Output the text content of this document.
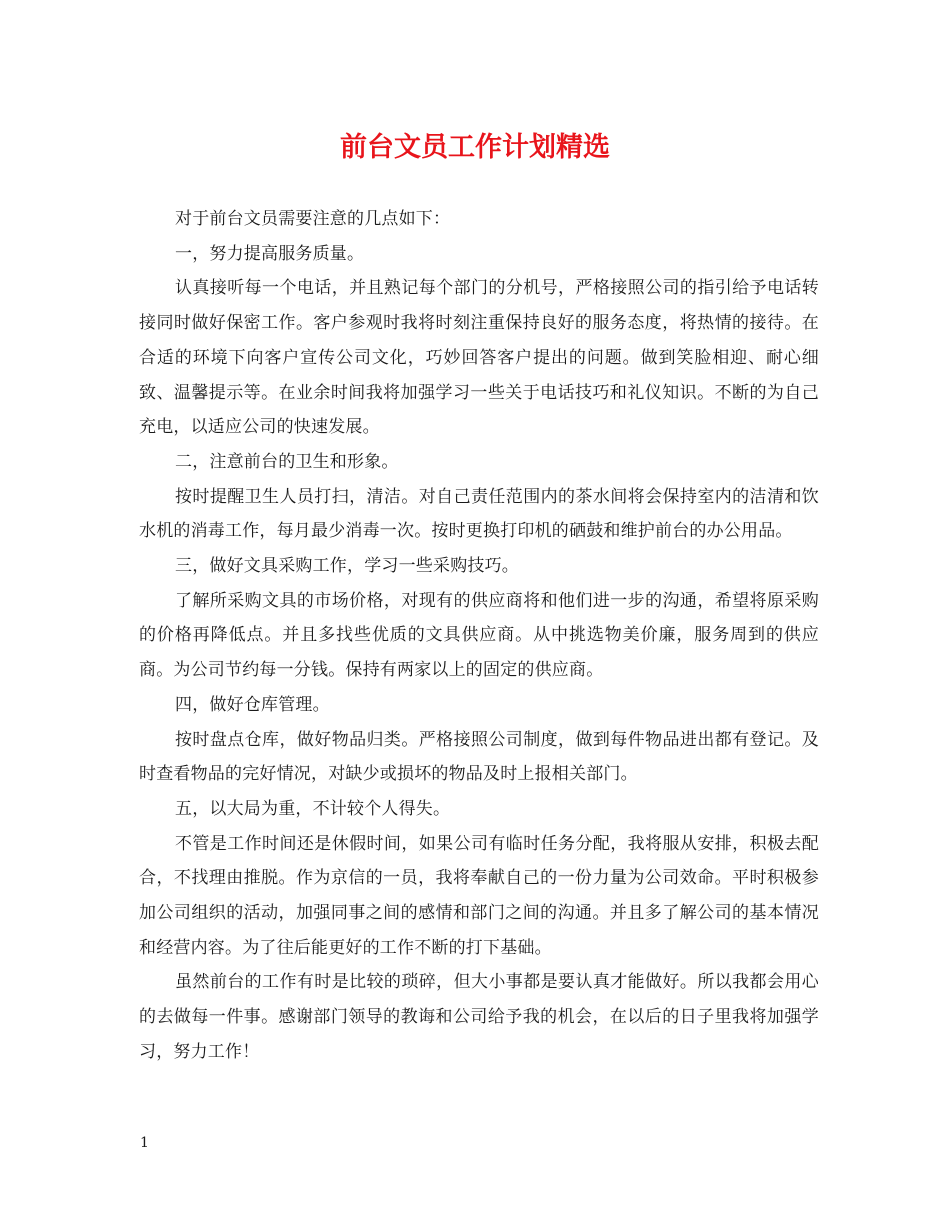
前台文员工作计划精选

对于前台文员需要注意的几点如下：

一，努力提高服务质量。

认真接听每一个电话，并且熟记每个部门的分机号，严格接照公司的指引给予电话转接同时做好保密工作。客户参观时我将时刻注重保持良好的服务态度，将热情的接待。在合适的环境下向客户宣传公司文化，巧妙回答客户提出的问题。做到笑脸相迎、耐心细致、温馨提示等。在业余时间我将加强学习一些关于电话技巧和礼仪知识。不断的为自己充电，以适应公司的快速发展。

二，注意前台的卫生和形象。

按时提醒卫生人员打扫，清洁。对自己责任范围内的茶水间将会保持室内的洁清和饮水机的消毒工作，每月最少消毒一次。按时更换打印机的硒鼓和维护前台的办公用品。

三，做好文具采购工作，学习一些采购技巧。

了解所采购文具的市场价格，对现有的供应商将和他们进一步的沟通，希望将原采购的价格再降低点。并且多找些优质的文具供应商。从中挑选物美价廉，服务周到的供应商。为公司节约每一分钱。保持有两家以上的固定的供应商。

四，做好仓库管理。

按时盘点仓库，做好物品归类。严格接照公司制度，做到每件物品进出都有登记。及时查看物品的完好情况，对缺少或损坏的物品及时上报相关部门。

五，以大局为重，不计较个人得失。

不管是工作时间还是休假时间，如果公司有临时任务分配，我将服从安排，积极去配合，不找理由推脱。作为京信的一员，我将奉献自己的一份力量为公司效命。平时积极参加公司组织的活动，加强同事之间的感情和部门之间的沟通。并且多了解公司的基本情况和经营内容。为了往后能更好的工作不断的打下基础。

虽然前台的工作有时是比较的琐碎，但大小事都是要认真才能做好。所以我都会用心的去做每一件事。感谢部门领导的教诲和公司给予我的机会，在以后的日子里我将加强学习，努力工作！

1
